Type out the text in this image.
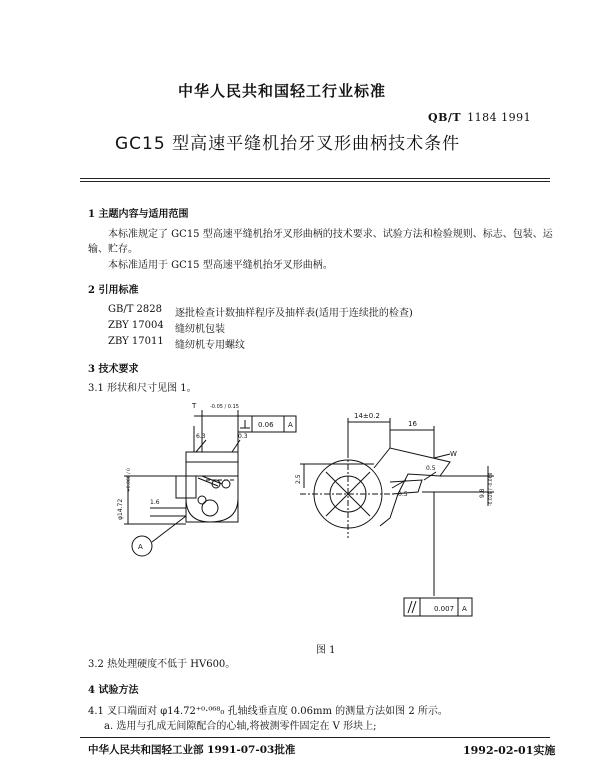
中华人民共和国轻工行业标准
QB/T 1184 1991
GC15 型高速平缝机抬牙叉形曲柄技术条件
1 主题内容与适用范围
本标准规定了 GC15 型高速平缝机抬牙叉形曲柄的技术要求、试验方法和检验规则、标志、包装、运
输、贮存。
本标准适用于 GC15 型高速平缝机抬牙叉形曲柄。
2 引用标准
GB/T 2828 逐批检查计数抽样程序及抽样表(适用于连续批的检查)
ZBY 17004 缝纫机包装
ZBY 17011 缝纫机专用螺纹
3 技术要求
3.1 形状和尺寸见图 1。
T	-0.05 / 0.15
0.06 A
6.3	0.3
1.6
φ14.72
+0.068 / 0
A
14±0.2
16
W
2.5
9.8 -0.028 / -0.068
0.5
0.5
0.007 A
图 1
3.2 热处理硬度不低于 HV600。
4 试验方法
4.1 叉口端面对 φ14.72⁺⁰·⁰⁶⁸₀ 孔轴线垂直度 0.06mm 的测量方法如图 2 所示。
a. 选用与孔成无间隙配合的心轴,将被测零件固定在 V 形块上;
中华人民共和国轻工业部 1991-07-03批准	1992-02-01实施
